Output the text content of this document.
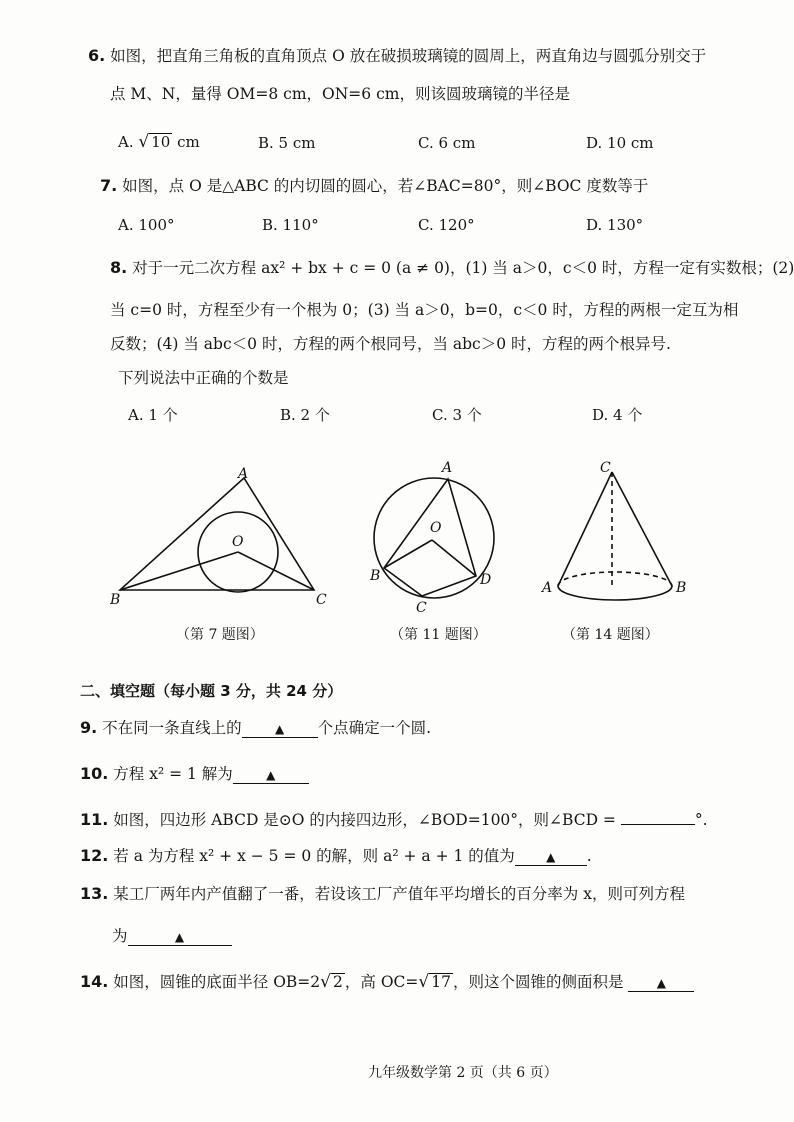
6. 如图，把直角三角板的直角顶点 O 放在破损玻璃镜的圆周上，两直角边与圆弧分别交于
点 M、N，量得 OM=8 cm，ON=6 cm，则该圆玻璃镜的半径是
A. √ 10 cm	B. 5 cm	C. 6 cm	D. 10 cm
7. 如图，点 O 是△ABC 的内切圆的圆心，若∠BAC=80°，则∠BOC 度数等于
A. 100°	B. 110°	C. 120°	D. 130°
8. 对于一元二次方程 ax² + bx + c = 0 (a ≠ 0)，(1) 当 a＞0，c＜0 时，方程一定有实数根；(2)
当 c=0 时，方程至少有一个根为 0；(3) 当 a＞0，b=0，c＜0 时，方程的两根一定互为相
反数；(4) 当 abc＜0 时，方程的两个根同号，当 abc＞0 时，方程的两个根异号.
下列说法中正确的个数是
A. 1 个	B. 2 个	C. 3 个	D. 4 个
A
B	C
O
（第 7 题图）
A
B
C
D
O
（第 11 题图）
C
A	B
（第 14 题图）
二、填空题（每小题 3 分，共 24 分）
9. 不在同一条直线上的	▲ 个点确定一个圆.
10. 方程 x² = 1 解为	▲
11. 如图，四边形 ABCD 是⊙O 的内接四边形，∠BOD=100°，则∠BCD =	°.
12. 若 a 为方程 x² + x − 5 = 0 的解，则 a² + a + 1 的值为	▲ .
13. 某工厂两年内产值翻了一番，若设该工厂产值年平均增长的百分率为 x，则可列方程
为	▲
14. 如图，圆锥的底面半径 OB=2√ 2 ，高 OC=√ 17 ，则这个圆锥的侧面积是	▲
九年级数学第 2 页（共 6 页）
